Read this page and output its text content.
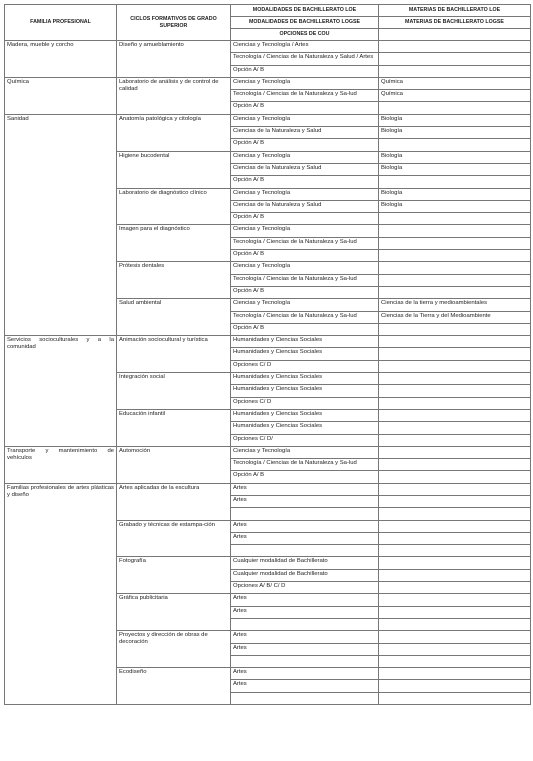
FAMILIA PROFESIONAL	CICLOS FORMATIVOS DE GRADO SUPERIOR	MODALIDADES DE BACHILLERATO LOE	MATERIAS DE BACHILLERATO LOE
		MODALIDADES DE BACHILLERATO LOGSE	MATERIAS DE BACHILLERATO LOGSE
		OPCIONES DE COU	
Madera, mueble y corcho	Diseño y amueblamiento	Ciencias y Tecnología / Artes	
		Tecnología / Ciencias de la Naturaleza y Salud / Artes	
		Opción A/ B	
Química	Laboratorio de análisis y de control de calidad	Ciencias y Tecnología	Química
		Tecnología / Ciencias de la Naturaleza y Sa-lud	Química
		Opción A/ B	
Sanidad	Anatomía patológica y citología	Ciencias y Tecnología	Biología
		Ciencias de la Naturaleza y Salud	Biología
		Opción A/ B	
	Higiene bucodental	Ciencias y Tecnología	Biología
		Ciencias de la Naturaleza y Salud	Biología
		Opción A/ B	
	Laboratorio de diagnóstico clínico	Ciencias y Tecnología	Biología
		Ciencias de la Naturaleza y Salud	Biología
		Opción A/ B	
	Imagen para el diagnóstico	Ciencias y Tecnología	
		Tecnología / Ciencias de la Naturaleza y Sa-lud	
		Opción A/ B	
	Prótesis dentales	Ciencias y Tecnología	
		Tecnología / Ciencias de la Naturaleza y Sa-lud	
		Opción A/ B	
	Salud ambiental	Ciencias y Tecnología	Ciencias de la tierra y medioambientales
		Tecnología / Ciencias de la Naturaleza y Sa-lud	Ciencias de la Tierra y del Medioambiente
		Opción A/ B	
Servicios socioculturales y a la comunidad	Animación sociocultural y turística	Humanidades y Ciencias Sociales	
		Humanidades y Ciencias Sociales	
		Opciones C/ D	
	Integración social	Humanidades y Ciencias Sociales	
		Humanidades y Ciencias Sociales	
		Opciones C/ D	
	Educación infantil	Humanidades y Ciencias Sociales	
		Humanidades y Ciencias Sociales	
		Opciones C/ D/	
Transporte y mantenimiento de vehículos	Automoción	Ciencias y Tecnología	
		Tecnología / Ciencias de la Naturaleza y Sa-lud	
		Opción A/ B	
Familias profesionales de artes plásticas y diseño	Artes aplicadas de la escultura	Artes	
		Artes	

	Grabado y técnicas de estampa-ción	Artes	
		Artes	

	Fotografía	Cualquier modalidad de Bachillerato	
		Cualquier modalidad de Bachillerato	
		Opciones A/ B/ C/ D	
	Gráfica publicitaria	Artes	
		Artes	

	Proyectos y dirección de obras de decoración	Artes	
		Artes	

	Ecodiseño	Artes	
		Artes	
